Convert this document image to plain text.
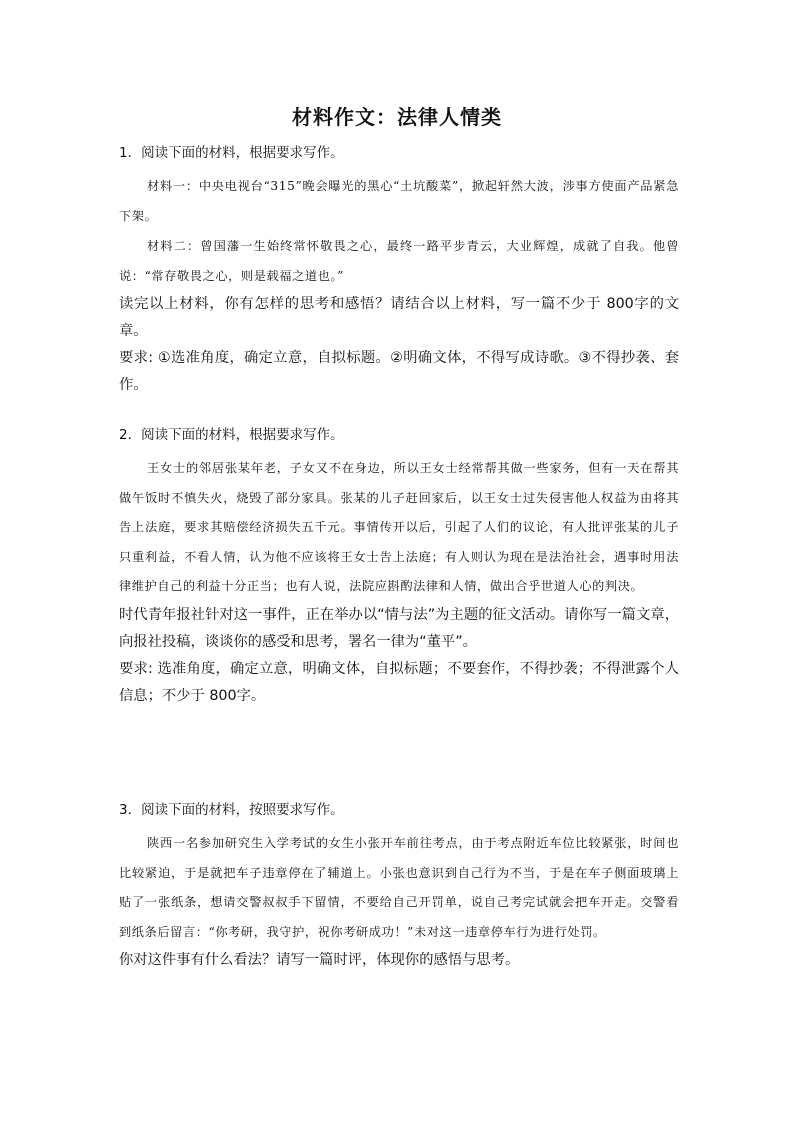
材料作文：法律人情类
1．阅读下面的材料，根据要求写作。

材料一：中央电视台“315”晚会曝光的黑心“土坑酸菜”，掀起轩然大波，涉事方使面产品紧急下架。

材料二：曾国藩一生始终常怀敬畏之心，最终一路平步青云，大业辉煌，成就了自我。他曾说：“常存敬畏之心，则是载福之道也。”

读完以上材料，你有怎样的思考和感悟？请结合以上材料，写一篇不少于 800字的文章。

要求: ①选准角度，确定立意，自拟标题。②明确文体，不得写成诗歌。③不得抄袭、套作。

2．阅读下面的材料，根据要求写作。

王女士的邻居张某年老，子女又不在身边，所以王女士经常帮其做一些家务，但有一天在帮其做午饭时不慎失火，烧毁了部分家具。张某的儿子赶回家后，以王女士过失侵害他人权益为由将其告上法庭，要求其赔偿经济损失五千元。事情传开以后，引起了人们的议论，有人批评张某的儿子只重利益，不看人情，认为他不应该将王女士告上法庭；有人则认为现在是法治社会，遇事时用法律维护自己的利益十分正当；也有人说，法院应斟酌法律和人情，做出合乎世道人心的判决。

时代青年报社针对这一事件，正在举办以“情与法”为主题的征文活动。请你写一篇文章，向报社投稿，谈谈你的感受和思考，署名一律为“董平”。

要求: 选准角度，确定立意，明确文体，自拟标题；不要套作，不得抄袭；不得泄露个人信息；不少于 800字。

3．阅读下面的材料，按照要求写作。

陕西一名参加研究生入学考试的女生小张开车前往考点，由于考点附近车位比较紧张，时间也比较紧迫，于是就把车子违章停在了辅道上。小张也意识到自己行为不当，于是在车子侧面玻璃上贴了一张纸条，想请交警叔叔手下留情，不要给自己开罚单，说自己考完试就会把车开走。交警看到纸条后留言：“你考研，我守护，祝你考研成功！”未对这一违章停车行为进行处罚。

你对这件事有什么看法？请写一篇时评，体现你的感悟与思考。
